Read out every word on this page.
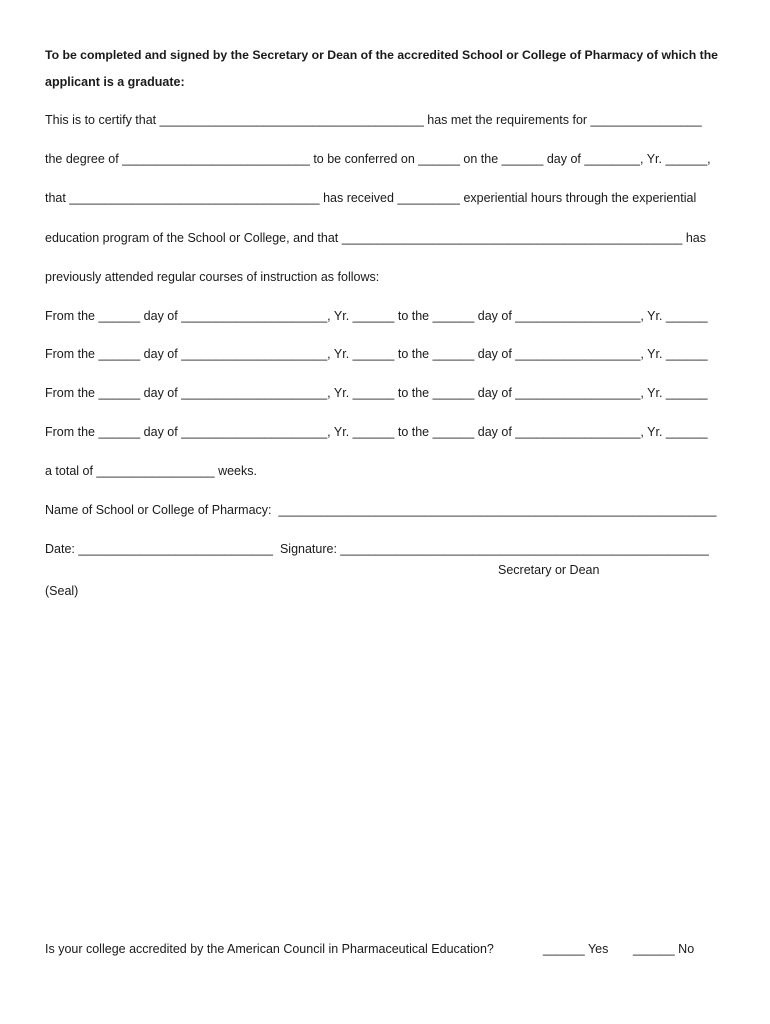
To be completed and signed by the Secretary or Dean of the accredited School or College of Pharmacy of which the
applicant is a graduate:
This is to certify that ______________________________________ has met the requirements for ________________
the degree of ___________________________ to be conferred on ______ on the ______ day of ________, Yr. ______,
that ____________________________________ has received _________ experiential hours through the experiential
education program of the School or College, and that _________________________________________________ has
previously attended regular courses of instruction as follows:
From the ______ day of _____________________, Yr. ______ to the ______ day of __________________, Yr. ______
From the ______ day of _____________________, Yr. ______ to the ______ day of __________________, Yr. ______
From the ______ day of _____________________, Yr. ______ to the ______ day of __________________, Yr. ______
From the ______ day of _____________________, Yr. ______ to the ______ day of __________________, Yr. ______
a total of _________________ weeks.
Name of School or College of Pharmacy:  _______________________________________________________________
Date: ____________________________  Signature: _____________________________________________________
Secretary or Dean
(Seal)
Is your college accredited by the American Council in Pharmaceutical Education?	______ Yes ______ No
